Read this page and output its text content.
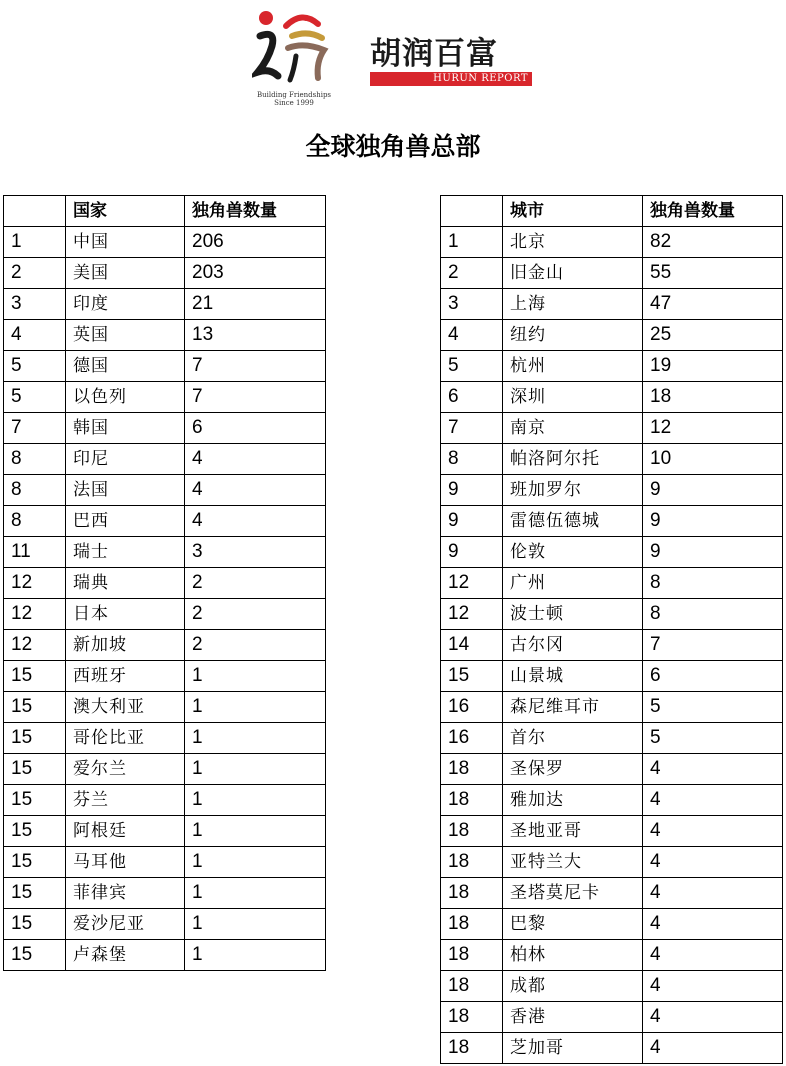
Building Friendships
Since 1999
胡润百富
HURUN REPORT
全球独角兽总部
	国家	独角兽数量
1	中国	206
2	美国	203
3	印度	21
4	英国	13
5	德国	7
5	以色列	7
7	韩国	6
8	印尼	4
8	法国	4
8	巴西	4
11	瑞士	3
12	瑞典	2
12	日本	2
12	新加坡	2
15	西班牙	1
15	澳大利亚	1
15	哥伦比亚	1
15	爱尔兰	1
15	芬兰	1
15	阿根廷	1
15	马耳他	1
15	菲律宾	1
15	爱沙尼亚	1
15	卢森堡	1
	城市	独角兽数量
1	北京	82
2	旧金山	55
3	上海	47
4	纽约	25
5	杭州	19
6	深圳	18
7	南京	12
8	帕洛阿尔托	10
9	班加罗尔	9
9	雷德伍德城	9
9	伦敦	9
12	广州	8
12	波士顿	8
14	古尔冈	7
15	山景城	6
16	森尼维耳市	5
16	首尔	5
18	圣保罗	4
18	雅加达	4
18	圣地亚哥	4
18	亚特兰大	4
18	圣塔莫尼卡	4
18	巴黎	4
18	柏林	4
18	成都	4
18	香港	4
18	芝加哥	4
